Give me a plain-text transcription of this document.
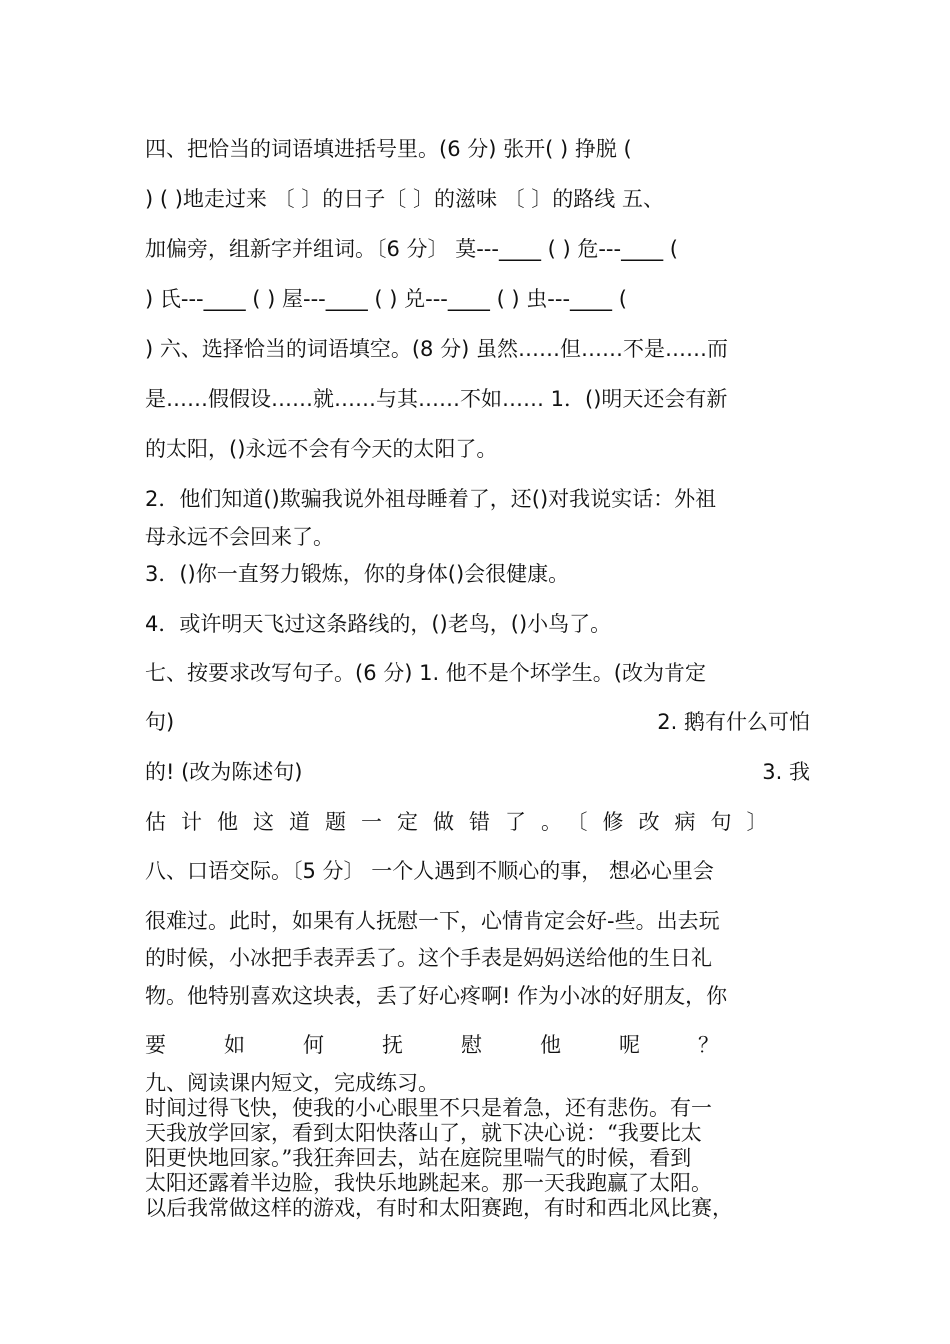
四、把恰当的词语填进括号里。(6 分) 张开( ) 挣脱 (
) ( )地走过来 〔 〕的日子〔 〕的滋味 〔 〕的路线 五、
加偏旁，组新字并组词。〔6 分〕 莫---____ ( ) 危---____ (
) 氏---____ ( ) 屋---____ ( ) 兑---____ ( ) 虫---____ (
) 六、选择恰当的词语填空。(8 分) 虽然……但……不是……而
是……假假设……就……与其……不如…… 1．()明天还会有新
的太阳，()永远不会有今天的太阳了。
2．他们知道()欺骗我说外祖母睡着了，还()对我说实话：外祖
母永远不会回来了。
3．()你一直努力锻炼，你的身体()会很健康。
4．或许明天飞过这条路线的，()老鸟，()小鸟了。
七、按要求改写句子。(6 分) 1. 他不是个坏学生。(改为肯定
句)	2. 鹅有什么可怕
的! (改为陈述句)	3. 我
估计他这道题一定做错了。〔修改病句〕
八、口语交际。〔5 分〕 一个人遇到不顺心的事， 想必心里会
很难过。此时，如果有人抚慰一下，心情肯定会好-些。出去玩
的时候，小冰把手表弄丢了。这个手表是妈妈送给他的生日礼
物。他特别喜欢这块表，丢了好心疼啊! 作为小冰的好朋友，你
要如何抚慰他呢？
九、阅读课内短文，完成练习。
时间过得飞快，使我的小心眼里不只是着急，还有悲伤。有一
天我放学回家，看到太阳快落山了，就下决心说：“我要比太
阳更快地回家。”我狂奔回去，站在庭院里喘气的时候，看到
太阳还露着半边脸，我快乐地跳起来。那一天我跑赢了太阳。
以后我常做这样的游戏，有时和太阳赛跑，有时和西北风比赛，
